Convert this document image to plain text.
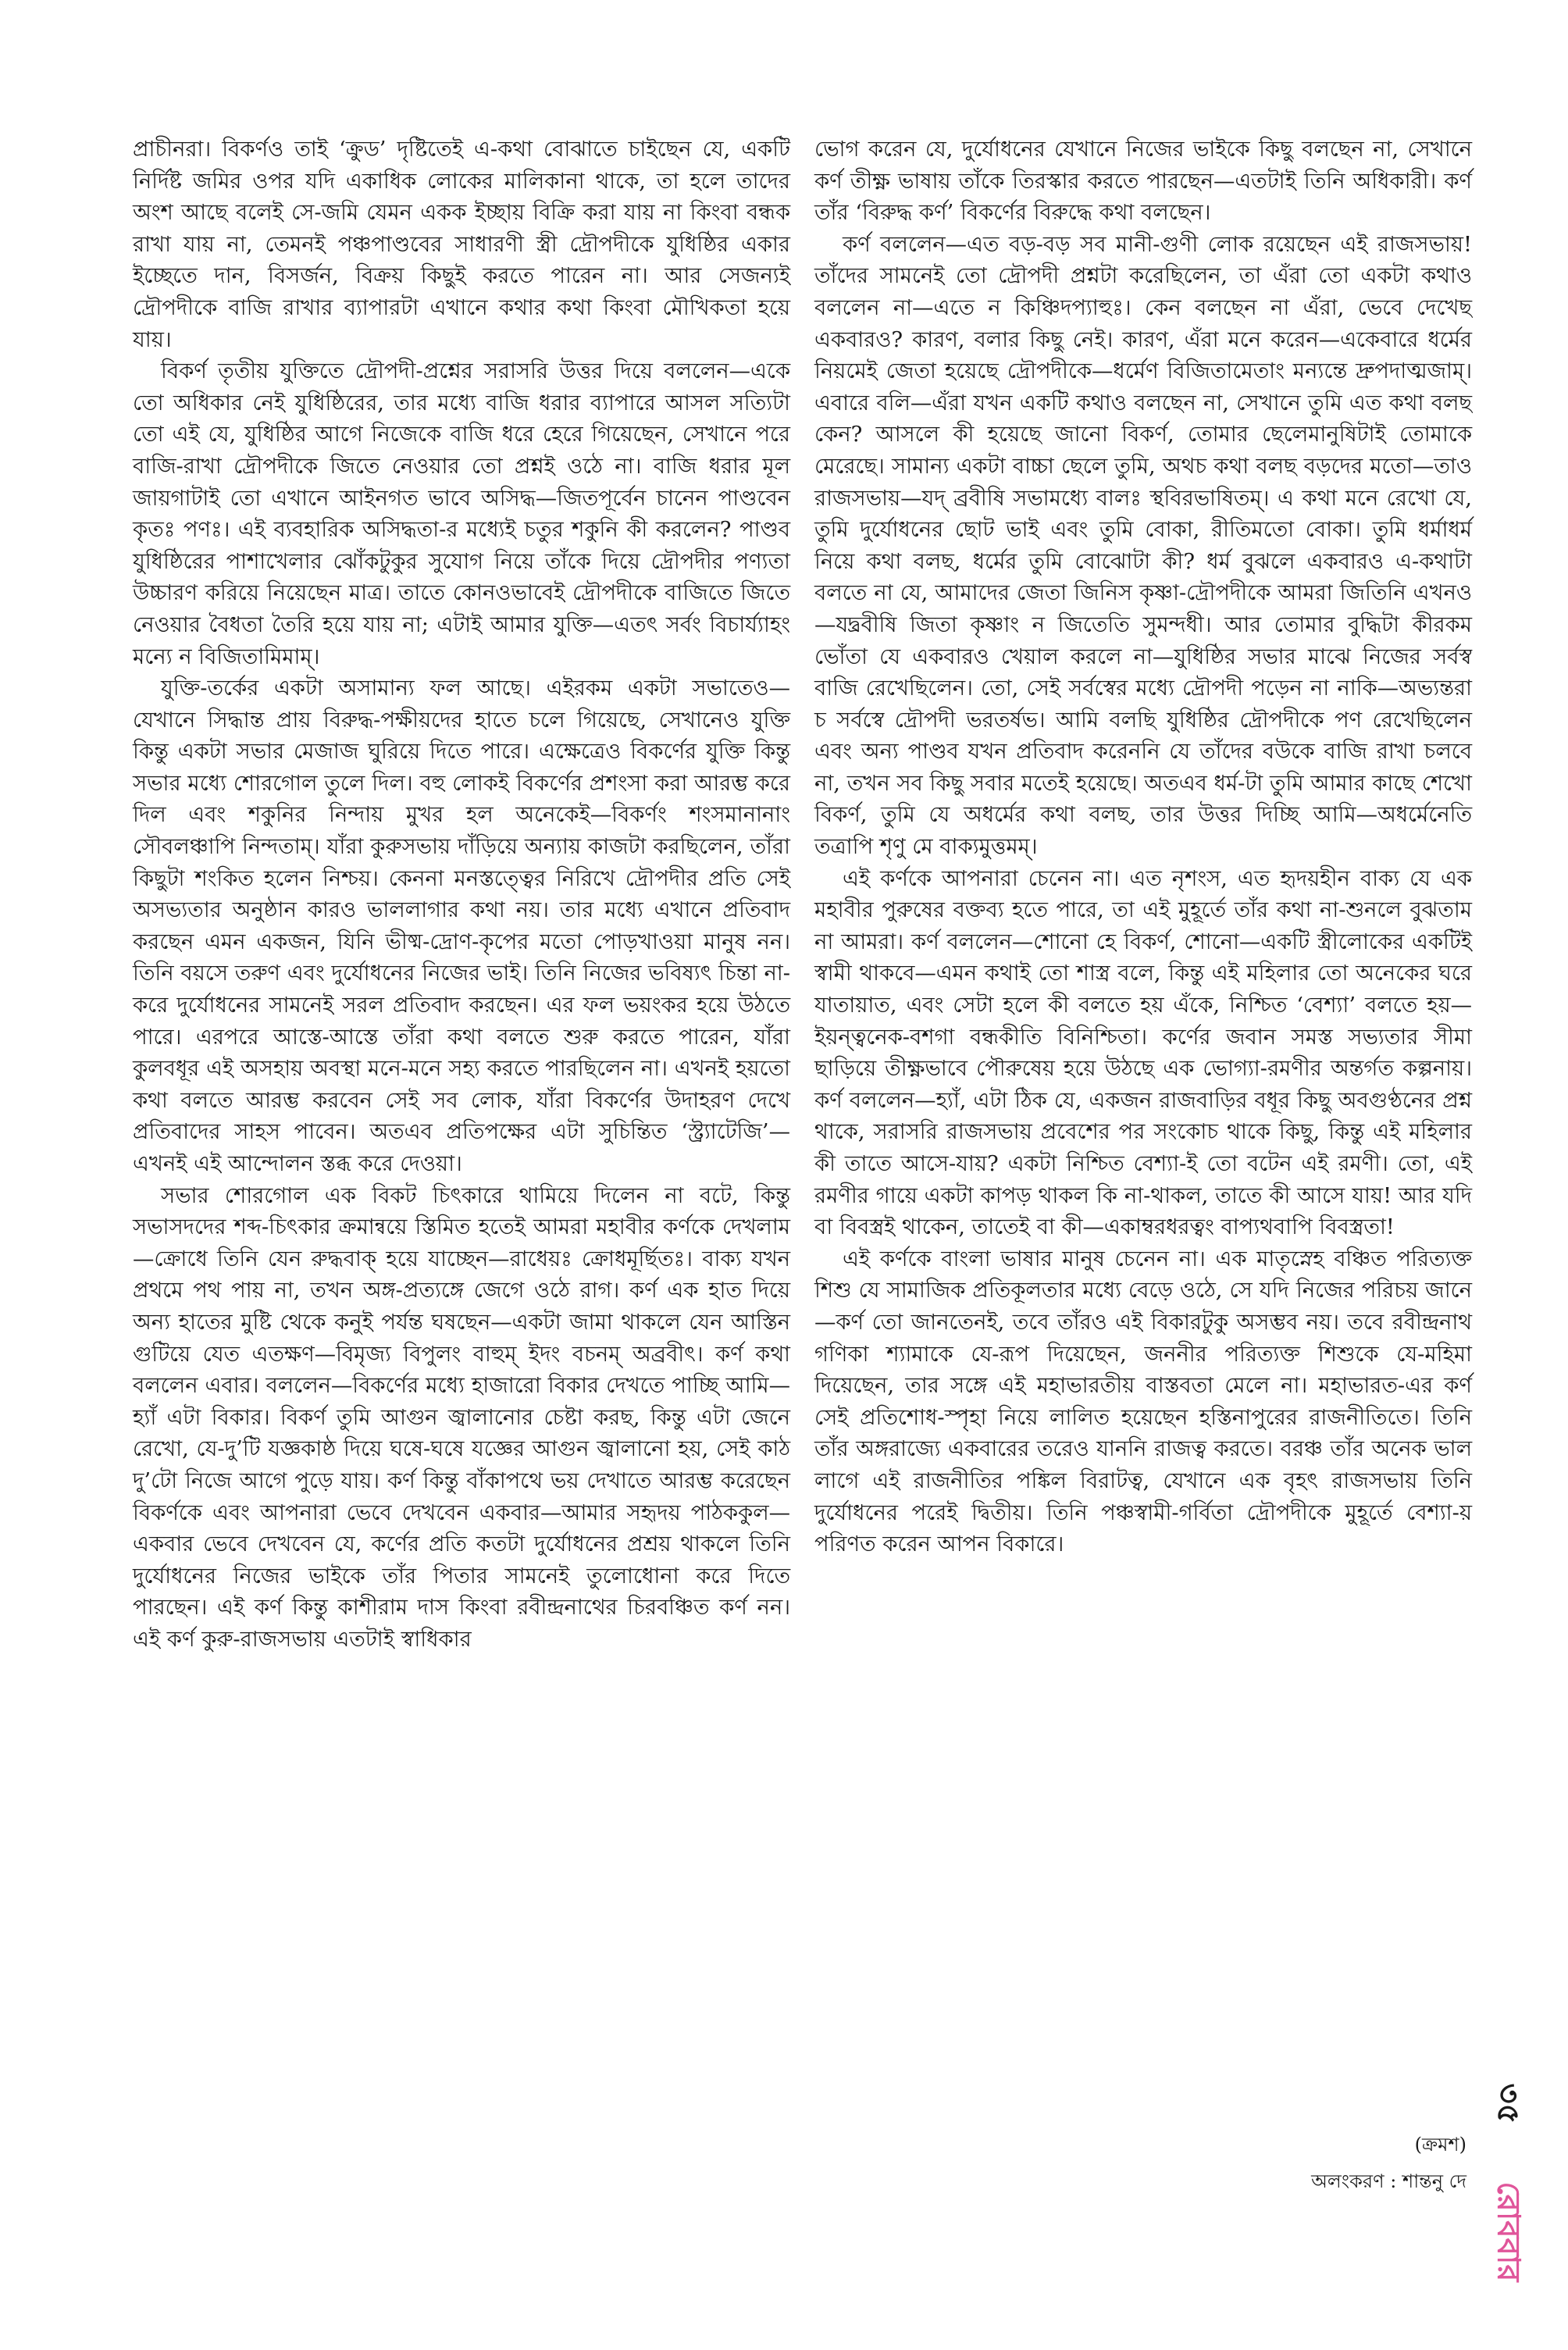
প্রাচীনরা। বিকর্ণও তাই ‘ক্রুড’ দৃষ্টিতেই এ-কথা বোঝাতে চাইছেন যে, একটি নির্দিষ্ট জমির ওপর যদি একাধিক লোকের মালিকানা থাকে, তা হলে তাদের অংশ আছে বলেই সে-জমি যেমন একক ইচ্ছায় বিক্রি করা যায় না কিংবা বন্ধক রাখা যায় না, তেমনই পঞ্চপাণ্ডবের সাধারণী স্ত্রী দ্রৌপদীকে যুধিষ্ঠির একার ইচ্ছেতে দান, বিসর্জন, বিক্রয় কিছুই করতে পারেন না। আর সেজন্যই দ্রৌপদীকে বাজি রাখার ব্যাপারটা এখানে কথার কথা কিংবা মৌখিকতা হয়ে যায়।

বিকর্ণ তৃতীয় যুক্তিতে দ্রৌপদী-প্রশ্নের সরাসরি উত্তর দিয়ে বললেন—একে তো অধিকার নেই যুধিষ্ঠিরের, তার মধ্যে বাজি ধরার ব্যাপারে আসল সত্যিটা তো এই যে, যুধিষ্ঠির আগে নিজেকে বাজি ধরে হেরে গিয়েছেন, সেখানে পরে বাজি-রাখা দ্রৌপদীকে জিতে নেওয়ার তো প্রশ্নই ওঠে না। বাজি ধরার মূল জায়গাটাই তো এখানে আইনগত ভাবে অসিদ্ধ—জিতপূর্বেন চানেন পাণ্ডবেন কৃতঃ পণঃ। এই ব্যবহারিক অসিদ্ধতা-র মধ্যেই চতুর শকুনি কী করলেন? পাণ্ডব যুধিষ্ঠিরের পাশাখেলার ঝোঁকটুকুর সুযোগ নিয়ে তাঁকে দিয়ে দ্রৌপদীর পণ্যতা উচ্চারণ করিয়ে নিয়েছেন মাত্র। তাতে কোনওভাবেই দ্রৌপদীকে বাজিতে জিতে নেওয়ার বৈধতা তৈরি হয়ে যায় না; এটাই আমার যুক্তি—এতৎ সর্বং বিচার্য্যাহং মন্যে ন বিজিতামিমাম্।

যুক্তি-তর্কের একটা অসামান্য ফল আছে। এইরকম একটা সভাতেও—যেখানে সিদ্ধান্ত প্রায় বিরুদ্ধ-পক্ষীয়দের হাতে চলে গিয়েছে, সেখানেও যুক্তি কিন্তু একটা সভার মেজাজ ঘুরিয়ে দিতে পারে। এক্ষেত্রেও বিকর্ণের যুক্তি কিন্তু সভার মধ্যে শোরগোল তুলে দিল। বহু লোকই বিকর্ণের প্রশংসা করা আরম্ভ করে দিল এবং শকুনির নিন্দায় মুখর হল অনেকেই—বিকর্ণং শংসমানানাং সৌবলঞ্চাপি নিন্দতাম্। যাঁরা কুরুসভায় দাঁড়িয়ে অন্যায় কাজটা করছিলেন, তাঁরা কিছুটা শংকিত হলেন নিশ্চয়। কেননা মনস্তত্ত্বের নিরিখে দ্রৌপদীর প্রতি সেই অসভ্যতার অনুষ্ঠান কারও ভাললাগার কথা নয়। তার মধ্যে এখানে প্রতিবাদ করছেন এমন একজন, যিনি ভীষ্ম-দ্রোণ-কৃপের মতো পোড়খাওয়া মানুষ নন। তিনি বয়সে তরুণ এবং দুর্যোধনের নিজের ভাই। তিনি নিজের ভবিষ্যৎ চিন্তা না-করে দুর্যোধনের সামনেই সরল প্রতিবাদ করছেন। এর ফল ভয়ংকর হয়ে উঠতে পারে। এরপরে আস্তে-আস্তে তাঁরা কথা বলতে শুরু করতে পারেন, যাঁরা কুলবধূর এই অসহায় অবস্থা মনে-মনে সহ্য করতে পারছিলেন না। এখনই হয়তো কথা বলতে আরম্ভ করবেন সেই সব লোক, যাঁরা বিকর্ণের উদাহরণ দেখে প্রতিবাদের সাহস পাবেন। অতএব প্রতিপক্ষের এটা সুচিন্তিত ‘স্ট্র্যাটেজি’—এখনই এই আন্দোলন স্তব্ধ করে দেওয়া।

সভার শোরগোল এক বিকট চিৎকারে থামিয়ে দিলেন না বটে, কিন্তু সভাসদদের শব্দ-চিৎকার ক্রমান্বয়ে স্তিমিত হতেই আমরা মহাবীর কর্ণকে দেখলাম—ক্রোধে তিনি যেন রুদ্ধবাক্ হয়ে যাচ্ছেন—রাধেয়ঃ ক্রোধমূর্ছিতঃ। বাক্য যখন প্রথমে পথ পায় না, তখন অঙ্গ-প্রত্যঙ্গে জেগে ওঠে রাগ। কর্ণ এক হাত দিয়ে অন্য হাতের মুষ্টি থেকে কনুই পর্যন্ত ঘষছেন—একটা জামা থাকলে যেন আস্তিন গুটিয়ে যেত এতক্ষণ—বিমৃজ্য বিপুলং বাহুম্ ইদং বচনম্ অব্রবীৎ। কর্ণ কথা বললেন এবার। বললেন—বিকর্ণের মধ্যে হাজারো বিকার দেখতে পাচ্ছি আমি—হ্যাঁ এটা বিকার। বিকর্ণ তুমি আগুন জ্বালানোর চেষ্টা করছ, কিন্তু এটা জেনে রেখো, যে-দু’টি যজ্ঞকাষ্ঠ দিয়ে ঘষে-ঘষে যজ্ঞের আগুন জ্বালানো হয়, সেই কাঠ দু’টো নিজে আগে পুড়ে যায়। কর্ণ কিন্তু বাঁকাপথে ভয় দেখাতে আরম্ভ করেছেন বিকর্ণকে এবং আপনারা ভেবে দেখবেন একবার—আমার সহৃদয় পাঠককুল—একবার ভেবে দেখবেন যে, কর্ণের প্রতি কতটা দুর্যোধনের প্রশ্রয় থাকলে তিনি দুর্যোধনের নিজের ভাইকে তাঁর পিতার সামনেই তুলোধোনা করে দিতে পারছেন। এই কর্ণ কিন্তু কাশীরাম দাস কিংবা রবীন্দ্রনাথের চিরবঞ্চিত কর্ণ নন। এই কর্ণ কুরু-রাজসভায় এতটাই স্বাধিকার

ভোগ করেন যে, দুর্যোধনের যেখানে নিজের ভাইকে কিছু বলছেন না, সেখানে কর্ণ তীক্ষ্ণ ভাষায় তাঁকে তিরস্কার করতে পারছেন—এতটাই তিনি অধিকারী। কর্ণ তাঁর ‘বিরুদ্ধ কর্ণ’ বিকর্ণের বিরুদ্ধে কথা বলছেন।

কর্ণ বললেন—এত বড়-বড় সব মানী-গুণী লোক রয়েছেন এই রাজসভায়! তাঁদের সামনেই তো দ্রৌপদী প্রশ্নটা করেছিলেন, তা এঁরা তো একটা কথাও বললেন না—এতে ন কিঞ্চিদপ্যাহুঃ। কেন বলছেন না এঁরা, ভেবে দেখেছ একবারও? কারণ, বলার কিছু নেই। কারণ, এঁরা মনে করেন—একেবারে ধর্মের নিয়মেই জেতা হয়েছে দ্রৌপদীকে—ধর্মেণ বিজিতামেতাং মন্যন্তে দ্রুপদাত্মজাম্। এবারে বলি—এঁরা যখন একটি কথাও বলছেন না, সেখানে তুমি এত কথা বলছ কেন? আসলে কী হয়েছে জানো বিকর্ণ, তোমার ছেলেমানুষিটাই তোমাকে মেরেছে। সামান্য একটা বাচ্চা ছেলে তুমি, অথচ কথা বলছ বড়দের মতো—তাও রাজসভায়—যদ্ ব্রবীষি সভামধ্যে বালঃ স্থবিরভাষিতম্। এ কথা মনে রেখো যে, তুমি দুর্যোধনের ছোট ভাই এবং তুমি বোকা, রীতিমতো বোকা। তুমি ধর্মাধর্ম নিয়ে কথা বলছ, ধর্মের তুমি বোঝোটা কী? ধর্ম বুঝলে একবারও এ-কথাটা বলতে না যে, আমাদের জেতা জিনিস কৃষ্ণা-দ্রৌপদীকে আমরা জিতিনি এখনও—যদ্ব্রবীষি জিতা কৃষ্ণাং ন জিতেতি সুমন্দধী। আর তোমার বুদ্ধিটা কীরকম ভোঁতা যে একবারও খেয়াল করলে না—যুধিষ্ঠির সভার মাঝে নিজের সর্বস্ব বাজি রেখেছিলেন। তো, সেই সর্বস্বের মধ্যে দ্রৌপদী পড়েন না নাকি—অভ্যন্তরা চ সর্বস্বে দ্রৌপদী ভরতর্ষভ। আমি বলছি যুধিষ্ঠির দ্রৌপদীকে পণ রেখেছিলেন এবং অন্য পাণ্ডব যখন প্রতিবাদ করেননি যে তাঁদের বউকে বাজি রাখা চলবে না, তখন সব কিছু সবার মতেই হয়েছে। অতএব ধর্ম-টা তুমি আমার কাছে শেখো বিকর্ণ, তুমি যে অধর্মের কথা বলছ, তার উত্তর দিচ্ছি আমি—অধর্মেনেতি তত্রাপি শৃণু মে বাক্যমুত্তমম্।

এই কর্ণকে আপনারা চেনেন না। এত নৃশংস, এত হৃদয়হীন বাক্য যে এক মহাবীর পুরুষের বক্তব্য হতে পারে, তা এই মুহূর্তে তাঁর কথা না-শুনলে বুঝতাম না আমরা। কর্ণ বললেন—শোনো হে বিকর্ণ, শোনো—একটি স্ত্রীলোকের একটিই স্বামী থাকবে—এমন কথাই তো শাস্ত্র বলে, কিন্তু এই মহিলার তো অনেকের ঘরে যাতায়াত, এবং সেটা হলে কী বলতে হয় এঁকে, নিশ্চিত ‘বেশ্যা’ বলতে হয়—ইয়ন্ত্বনেক-বশগা বন্ধকীতি বিনিশ্চিতা। কর্ণের জবান সমস্ত সভ্যতার সীমা ছাড়িয়ে তীক্ষ্ণভাবে পৌরুষেয় হয়ে উঠছে এক ভোগ্যা-রমণীর অন্তর্গত কল্পনায়। কর্ণ বললেন—হ্যাঁ, এটা ঠিক যে, একজন রাজবাড়ির বধূর কিছু অবগুণ্ঠনের প্রশ্ন থাকে, সরাসরি রাজসভায় প্রবেশের পর সংকোচ থাকে কিছু, কিন্তু এই মহিলার কী তাতে আসে-যায়? একটা নিশ্চিত বেশ্যা-ই তো বটেন এই রমণী। তো, এই রমণীর গায়ে একটা কাপড় থাকল কি না-থাকল, তাতে কী আসে যায়! আর যদি বা বিবস্ত্রই থাকেন, তাতেই বা কী—একাম্বরধরত্বং বাপ্যথবাপি বিবস্ত্রতা!

এই কর্ণকে বাংলা ভাষার মানুষ চেনেন না। এক মাতৃস্নেহ বঞ্চিত পরিত্যক্ত শিশু যে সামাজিক প্রতিকূলতার মধ্যে বেড়ে ওঠে, সে যদি নিজের পরিচয় জানে—কর্ণ তো জানতেনই, তবে তাঁরও এই বিকারটুকু অসম্ভব নয়। তবে রবীন্দ্রনাথ গণিকা শ্যামাকে যে-রূপ দিয়েছেন, জননীর পরিত্যক্ত শিশুকে যে-মহিমা দিয়েছেন, তার সঙ্গে এই মহাভারতীয় বাস্তবতা মেলে না। মহাভারত-এর কর্ণ সেই প্রতিশোধ-স্পৃহা নিয়ে লালিত হয়েছেন হস্তিনাপুরের রাজনীতিতে। তিনি তাঁর অঙ্গরাজ্যে একবারের তরেও যাননি রাজত্ব করতে। বরঞ্চ তাঁর অনেক ভাল লাগে এই রাজনীতির পঙ্কিল বিরাটত্ব, যেখানে এক বৃহৎ রাজসভায় তিনি দুর্যোধনের পরেই দ্বিতীয়। তিনি পঞ্চস্বামী-গর্বিতা দ্রৌপদীকে মুহূর্তে বেশ্যা-য় পরিণত করেন আপন বিকারে।

(ক্রমশ)
অলংকরণ : শান্তনু দে
৩৫
রোববার
